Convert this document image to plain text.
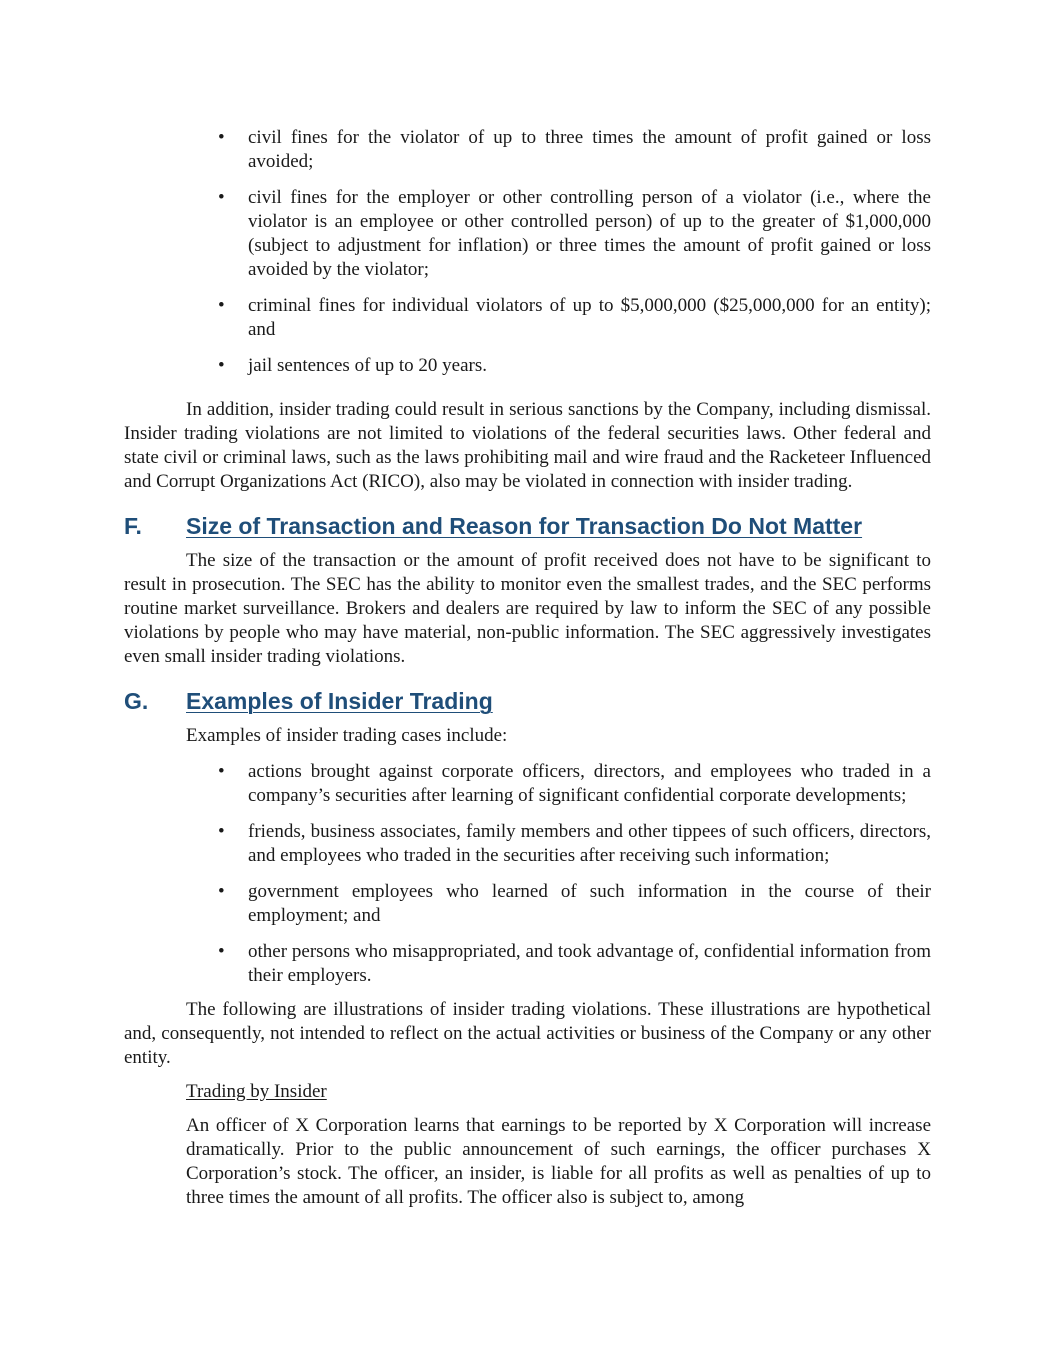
• civil fines for the violator of up to three times the amount of profit gained or loss avoided;
• civil fines for the employer or other controlling person of a violator (i.e., where the violator is an employee or other controlled person) of up to the greater of $1,000,000 (subject to adjustment for inflation) or three times the amount of profit gained or loss avoided by the violator;
• criminal fines for individual violators of up to $5,000,000 ($25,000,000 for an entity); and
• jail sentences of up to 20 years.

In addition, insider trading could result in serious sanctions by the Company, including dismissal. Insider trading violations are not limited to violations of the federal securities laws. Other federal and state civil or criminal laws, such as the laws prohibiting mail and wire fraud and the Racketeer Influenced and Corrupt Organizations Act (RICO), also may be violated in connection with insider trading.

F.	Size of Transaction and Reason for Transaction Do Not Matter

The size of the transaction or the amount of profit received does not have to be significant to result in prosecution. The SEC has the ability to monitor even the smallest trades, and the SEC performs routine market surveillance. Brokers and dealers are required by law to inform the SEC of any possible violations by people who may have material, non-public information. The SEC aggressively investigates even small insider trading violations.

G.	Examples of Insider Trading

Examples of insider trading cases include:

• actions brought against corporate officers, directors, and employees who traded in a company’s securities after learning of significant confidential corporate developments;
• friends, business associates, family members and other tippees of such officers, directors, and employees who traded in the securities after receiving such information;
• government employees who learned of such information in the course of their employment; and
• other persons who misappropriated, and took advantage of, confidential information from their employers.

The following are illustrations of insider trading violations. These illustrations are hypothetical and, consequently, not intended to reflect on the actual activities or business of the Company or any other entity.

Trading by Insider

An officer of X Corporation learns that earnings to be reported by X Corporation will increase dramatically. Prior to the public announcement of such earnings, the officer purchases X Corporation’s stock. The officer, an insider, is liable for all profits as well as penalties of up to three times the amount of all profits. The officer also is subject to, among
